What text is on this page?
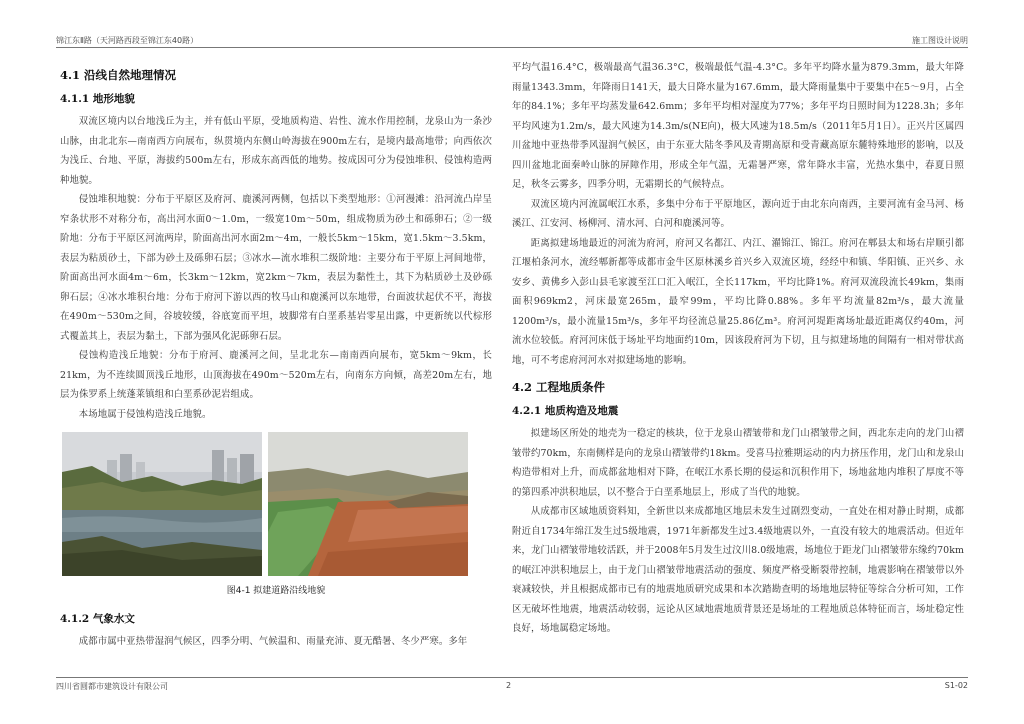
锦江东Ⅱ路（天河路西段至锦江东40路）	施工图设计说明
4.1 沿线自然地理情况
4.1.1 地形地貌

双流区境内以台地浅丘为主，并有低山平原，受地质构造、岩性、流水作用控制，龙泉山为一条沙山脉，由北北东—南南西方向展布，纵贯境内东侧山岭海拔在900m左右，是境内最高地带；向西依次为浅丘、台地、平原，海拔约500m左右，形成东高西低的地势。按成因可分为侵蚀堆积、侵蚀构造两种地貌。

侵蚀堆积地貌：分布于平原区及府河、鹿溪河两侧，包括以下类型地形：①河漫滩：沿河流凸岸呈窄条状形不对称分布，高出河水面0～1.0m，一级宽10m～50m，组成物质为砂土和砾卵石；②一级阶地：分布于平原区河流两岸，阶面高出河水面2m～4m，一般长5km～15km，宽1.5km～3.5km，表层为粘质砂土，下部为砂土及砾卵石层；③冰水—流水堆积二级阶地：主要分布于平原上河间地带，阶面高出河水面4m～6m，长3km～12km，宽2km～7km，表层为黏性土，其下为粘质砂土及砂砾卵石层；④冰水堆积台地：分布于府河下游以西的牧马山和鹿溪河以东地带，台面波状起伏不平，海拔在490m～530m之间，谷坡较缓，谷底宽而平坦，坡脚常有白垩系基岩零星出露，中更新统以代棕形式覆盖其上，表层为黏土，下部为强风化泥砾卵石层。

侵蚀构造浅丘地貌：分布于府河、鹿溪河之间，呈北北东—南南西向展布，宽5km～9km，长21km，为不连续圆顶浅丘地形，山顶海拔在490m～520m左右，向南东方向倾，高差20m左右，地层为侏罗系上统蓬莱镇组和白垩系砂泥岩组成。

本场地属于侵蚀构造浅丘地貌。

图4-1 拟建道路沿线地貌
4.1.2 气象水文

成都市属中亚热带湿润气候区，四季分明、气候温和、雨量充沛、夏无酷暑、冬少严寒。多年

平均气温16.4°C，极端最高气温36.3°C，极端最低气温-4.3°C。多年平均降水量为879.3mm，最大年降雨量1343.3mm，年降雨日141天，最大日降水量为167.6mm，最大降雨量集中于要集中在5～9月，占全年的84.1%；多年平均蒸发量642.6mm；多年平均相对湿度为77%；多年平均日照时间为1228.3h；多年平均风速为1.2m/s，最大风速为14.3m/s(NE向)，极大风速为18.5m/s（2011年5月1日）。正兴片区属四川盆地中亚热带季风湿润气候区，由于东亚大陆冬季风及青期高原和受青藏高原东麓特殊地形的影响，以及四川盆地北面秦岭山脉的屏障作用，形成全年气温，无霜暑严寒，常年降水丰富，光热水集中，春夏日照足，秋冬云雾多，四季分明，无霜期长的气候特点。

双流区境内河流属岷江水系，多集中分布于平原地区，源向近于由北东向南西，主要河流有金马河、杨溪江、江安河、杨柳河、清水河、白河和鹿溪河等。

距离拟建场地最近的河流为府河，府河又名都江、内江、濯锦江、锦江。府河在郫县太和场右岸顺引都江堰柏条河水，流经郫新都等成都市金牛区原林溪乡首兴乡入双流区境，经经中和镇、华阳镇、正兴乡、永安乡、黄佛乡入彭山县毛家渡至江口汇入岷江，全长117km，平均比降1%。府河双流段流长49km，集雨面积969km2，河床最宽265m，最窄99m，平均比降0.88%。多年平均流量82m³/s，最大流量1200m³/s，最小流量15m³/s，多年平均径流总量25.86亿m³。府河河堤距离场址最近距离仅约40m，河流水位较低。府河河床低于场址平均地面约10m，因该段府河为下切，且与拟建场地的间隔有一相对带状高地，可不考虑府河河水对拟建场地的影响。

4.2 工程地质条件
4.2.1 地质构造及地震

拟建场区所处的地壳为一稳定的核块，位于龙泉山褶皱带和龙门山褶皱带之间，西北东走向的龙门山褶皱带约70km，东南侧样是向的龙泉山褶皱带约18km。受喜马拉雅期运动的内力挤压作用，龙门山和龙泉山构造带相对上升，而成都盆地相对下降，在岷江水系长期的侵运和沉积作用下，场地盆地内堆积了厚度不等的第四系冲洪积地层，以不整合于白垩系地层上，形成了当代的地貌。

从成都市区域地质资料知，全新世以来成都地区地层未发生过剧烈变动，一直处在相对静止时期，成都附近自1734年绵江发生过5级地震，1971年新都发生过3.4级地震以外，一直没有较大的地震活动。但近年来，龙门山褶皱带地较活跃，并于2008年5月发生过汶川8.0级地震，场地位于距龙门山褶皱带东缘约70km的岷江冲洪积地层上，由于龙门山褶皱带地震活动的强度、频度严格受断裂带控制，地震影响在褶皱带以外衰减较快，并且根据成都市已有的地震地质研究成果和本次踏勘查明的场地地层特征等综合分析可知，工作区无破坏性地震，地震活动较弱，远论从区域地震地质背景还是场址的工程地质总体特征而言，场址稳定性良好，场地属稳定场地。

四川省圆都市建筑设计有限公司	2	S1-02
